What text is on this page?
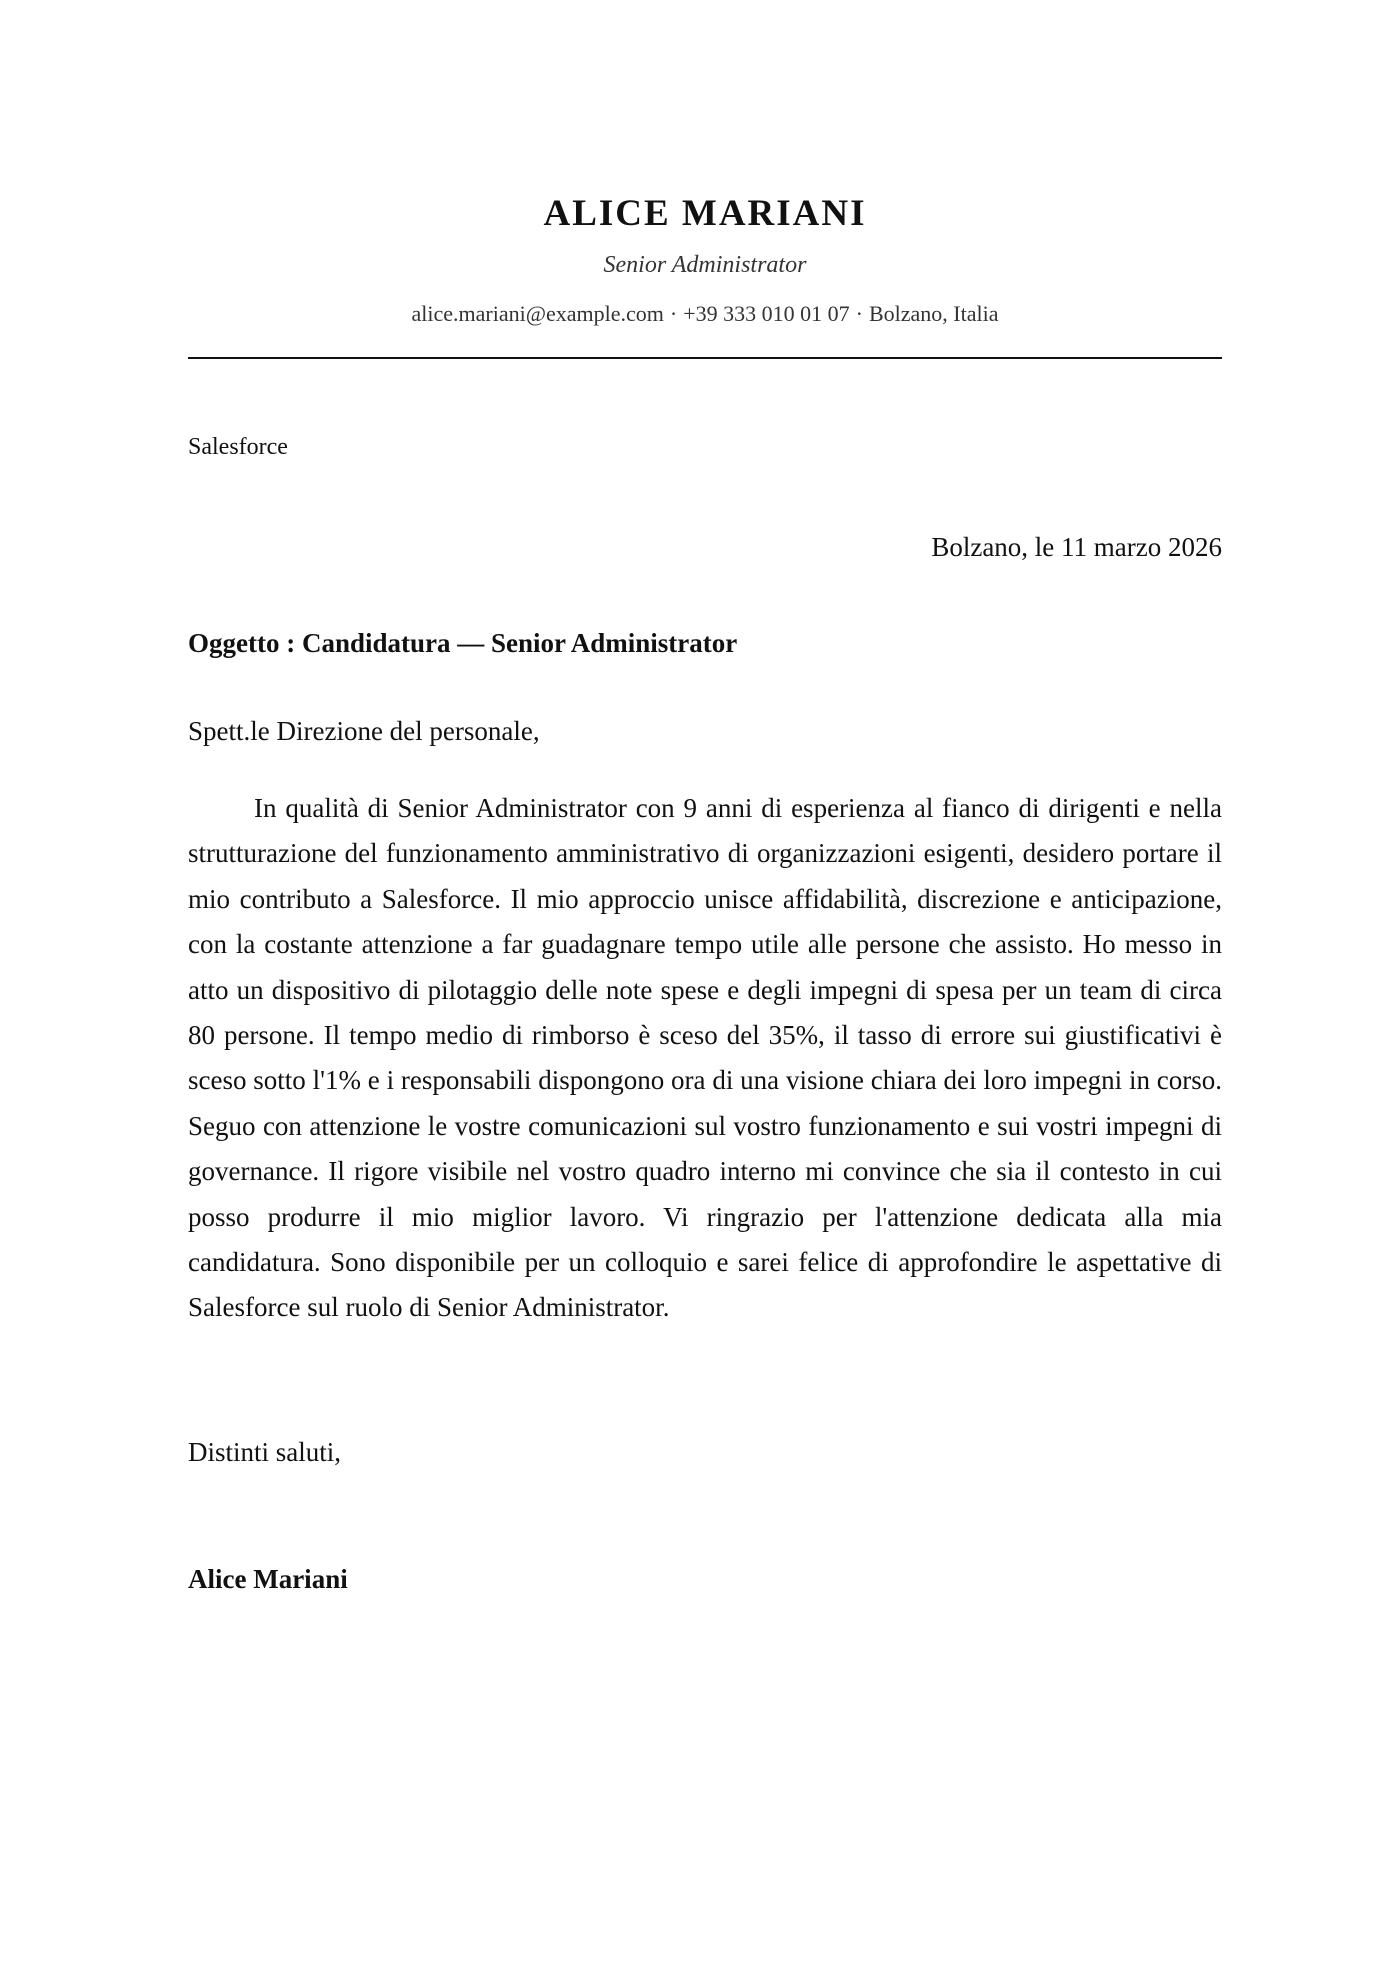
ALICE MARIANI
Senior Administrator
alice.mariani@example.com · +39 333 010 01 07 · Bolzano, Italia
Salesforce
Bolzano, le 11 marzo 2026
Oggetto : Candidatura — Senior Administrator
Spett.le Direzione del personale,

In qualità di Senior Administrator con 9 anni di esperienza al fianco di dirigenti e nella strutturazione del funzionamento amministrativo di organizzazioni esigenti, desidero portare il mio contributo a Salesforce. Il mio approccio unisce affidabilità, discrezione e anticipazione, con la costante attenzione a far guadagnare tempo utile alle persone che assisto. Ho messo in atto un dispositivo di pilotaggio delle note spese e degli impegni di spesa per un team di circa 80 persone. Il tempo medio di rimborso è sceso del 35%, il tasso di errore sui giustificativi è sceso sotto l'1% e i responsabili dispongono ora di una visione chiara dei loro impegni in corso. Seguo con attenzione le vostre comunicazioni sul vostro funzionamento e sui vostri impegni di governance. Il rigore visibile nel vostro quadro interno mi convince che sia il contesto in cui posso produrre il mio miglior lavoro. Vi ringrazio per l'attenzione dedicata alla mia candidatura. Sono disponibile per un colloquio e sarei felice di approfondire le aspettative di Salesforce sul ruolo di Senior Administrator.

Distinti saluti,
Alice Mariani
